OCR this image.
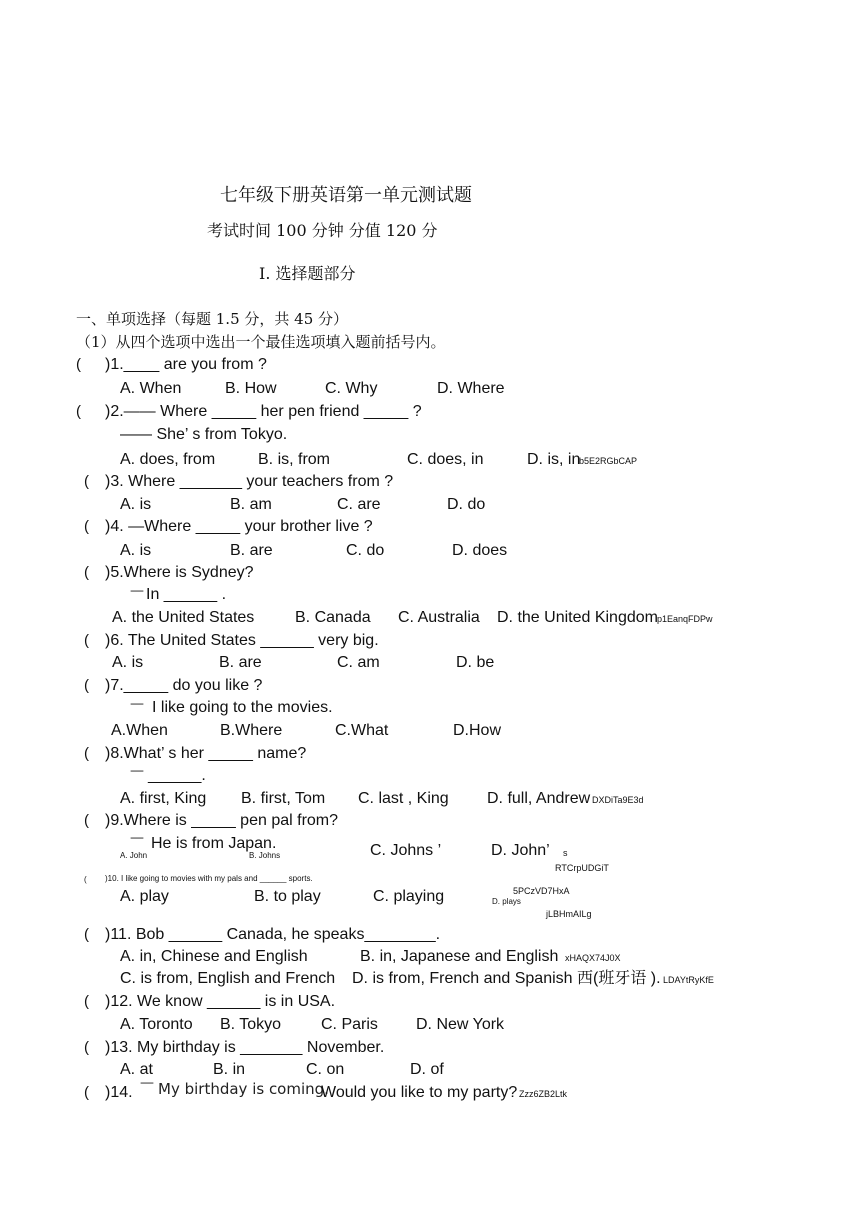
七年级下册英语第一单元测试题
考试时间 100 分钟 分值 120 分
I. 选择题部分
一、单项选择（每题 1.5 分，共 45 分）
（1）从四个选项中选出一个最佳选项填入题前括号内。
( )1.____ are you from ?
A. When	B. How	C. Why	D. Where
( )2.—— Where _____ her pen friend _____ ?
—— She’ s from Tokyo.
A. does, from	B. is, from	C. does, in	D. is, in
b5E2RGbCAP
( )3. Where _______ your teachers from ?
A. is	B. am	C. are	D. do
( )4. —Where _____ your brother live ?
A. is	B. are	C. do	D. does
( )5.Where is Sydney?
— In ______ .
A. the United States	B. Canada C. Australia D. the United Kingdom p1EanqFDPw
( )6. The United States ______ very big.
A. is	B. are	C. am	D. be
( )7._____ do you like ?
— I like going to the movies.
A.When	B.Where	C.What	D.How
( )8.What’ s her _____ name?
— ______.
A. first, King B. first, Tom C. last , King D. full, Andrew DXDiTa9E3d
( )9.Where is _____ pen pal from?
— He is from Japan.
A. John	B. Johns	C. Johns ’	D. John’ s
RTCrpUDGiT
( )10. I like going to movies with my pals and ______ sports.
A. play	B. to play	C. playing	D. plays
5PCzVD7HxA
jLBHmAILg
( )11. Bob ______ Canada, he speaks________.
A. in, Chinese and English	B. in, Japanese and English xHAQX74J0X
C. is from, English and French D. is from, French and Spanish 西(班牙语 ). LDAYtRyKfE
( )12. We know ______ is in USA.
A. Toronto B. Tokyo C. Paris D. New York
( )13. My birthday is _______ November.
A. at	B. in	C. on	D. of
( )14.
— My birthday is coming.
Would you like to my party? Zzz6ZB2Ltk
